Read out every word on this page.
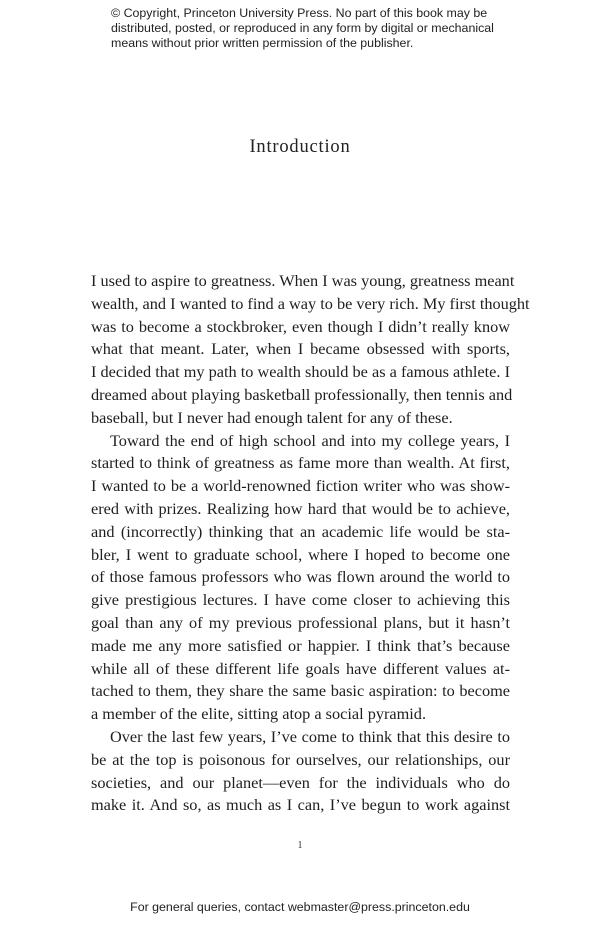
© Copyright, Princeton University Press. No part of this book may be
distributed, posted, or reproduced in any form by digital or mechanical
means without prior written permission of the publisher.
Introduction
I used to aspire to greatness. When I was young, greatness meant
wealth, and I wanted to find a way to be very rich. My first thought
was to become a stockbroker, even though I didn’t really know
what that meant. Later, when I became obsessed with sports,
I decided that my path to wealth should be as a famous athlete. I
dreamed about playing basketball professionally, then tennis and
baseball, but I never had enough talent for any of these.
Toward the end of high school and into my college years, I
started to think of greatness as fame more than wealth. At first,
I wanted to be a world-renowned fiction writer who was show-
ered with prizes. Realizing how hard that would be to achieve,
and (incorrectly) thinking that an academic life would be sta-
bler, I went to graduate school, where I hoped to become one
of those famous professors who was flown around the world to
give prestigious lectures. I have come closer to achieving this
goal than any of my previous professional plans, but it hasn’t
made me any more satisfied or happier. I think that’s because
while all of these different life goals have different values at-
tached to them, they share the same basic aspiration: to become
a member of the elite, sitting atop a social pyramid.
Over the last few years, I’ve come to think that this desire to
be at the top is poisonous for ourselves, our relationships, our
societies, and our planet—even for the individuals who do
make it. And so, as much as I can, I’ve begun to work against
1
For general queries, contact webmaster@press.princeton.edu
